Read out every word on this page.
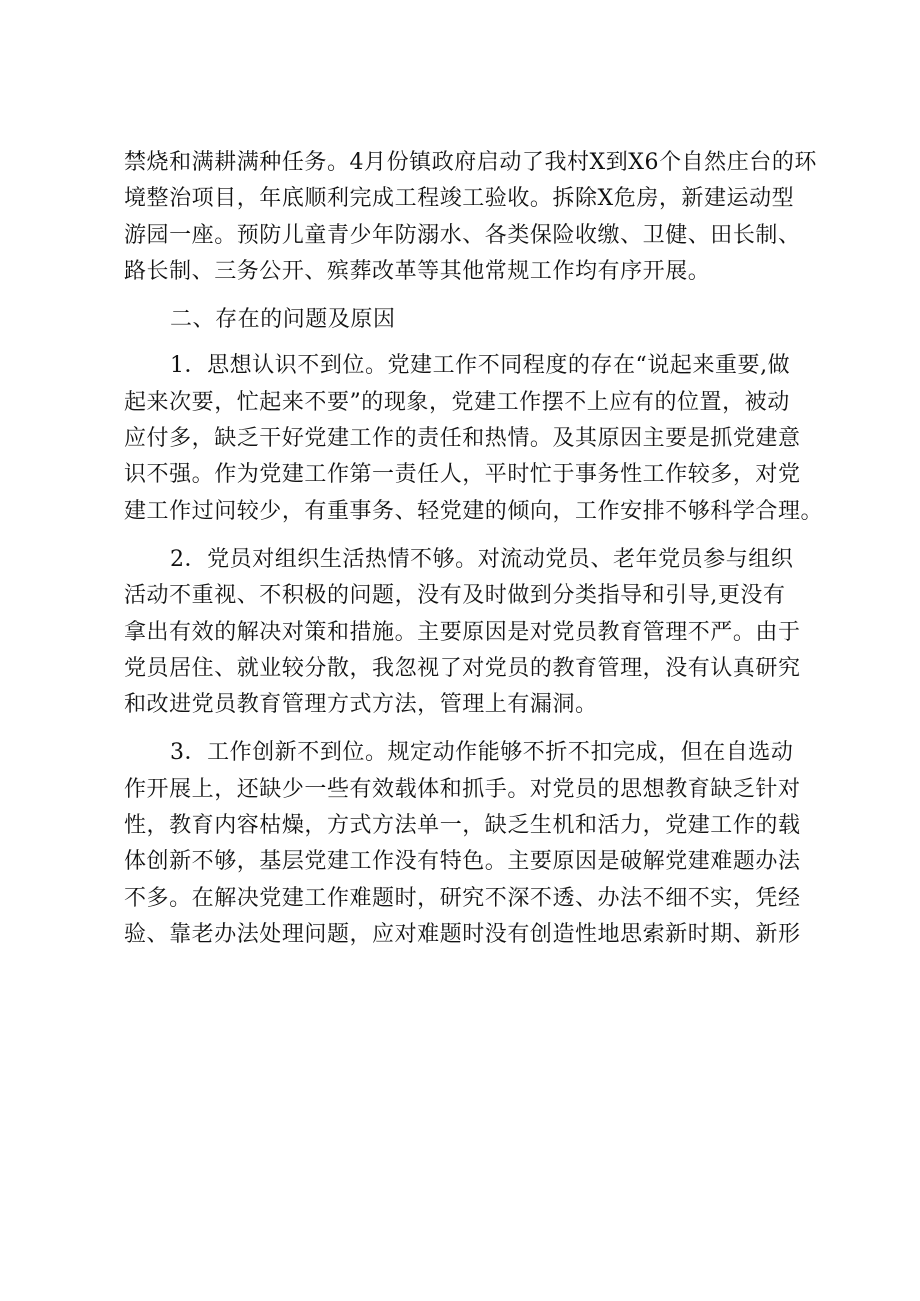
禁烧和满耕满种任务。4月份镇政府启动了我村X到X6个自然庄台的环
境整治项目，年底顺利完成工程竣工验收。拆除X危房，新建运动型
游园一座。预防儿童青少年防溺水、各类保险收缴、卫健、田长制、
路长制、三务公开、殡葬改革等其他常规工作均有序开展。
二、存在的问题及原因
1．思想认识不到位。党建工作不同程度的存在“说起来重要,做
起来次要，忙起来不要”的现象，党建工作摆不上应有的位置，被动
应付多，缺乏干好党建工作的责任和热情。及其原因主要是抓党建意
识不强。作为党建工作第一责任人，平时忙于事务性工作较多，对党
建工作过问较少，有重事务、轻党建的倾向，工作安排不够科学合理。
2．党员对组织生活热情不够。对流动党员、老年党员参与组织
活动不重视、不积极的问题，没有及时做到分类指导和引导,更没有
拿出有效的解决对策和措施。主要原因是对党员教育管理不严。由于
党员居住、就业较分散，我忽视了对党员的教育管理，没有认真研究
和改进党员教育管理方式方法，管理上有漏洞。
3．工作创新不到位。规定动作能够不折不扣完成，但在自选动
作开展上，还缺少一些有效载体和抓手。对党员的思想教育缺乏针对
性，教育内容枯燥，方式方法单一，缺乏生机和活力，党建工作的载
体创新不够，基层党建工作没有特色。主要原因是破解党建难题办法
不多。在解决党建工作难题时，研究不深不透、办法不细不实，凭经
验、靠老办法处理问题，应对难题时没有创造性地思索新时期、新形
